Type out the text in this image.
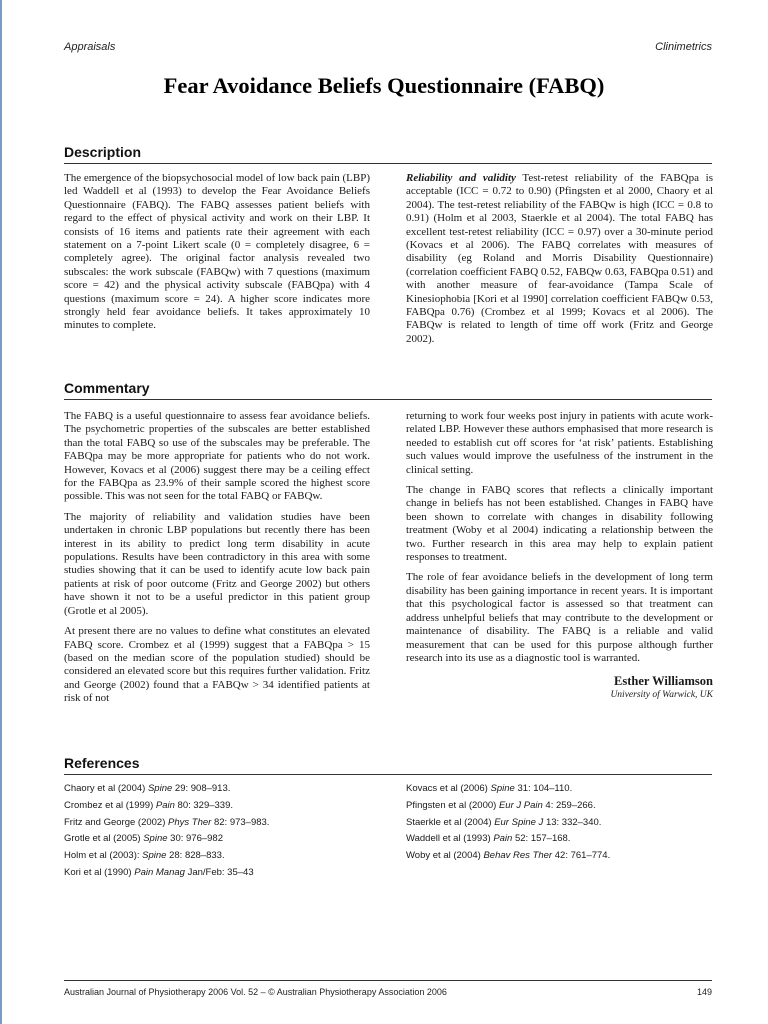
Appraisals	Clinimetrics
Fear Avoidance Beliefs Questionnaire (FABQ)
Description

The emergence of the biopsychosocial model of low back pain (LBP) led Waddell et al (1993) to develop the Fear Avoidance Beliefs Questionnaire (FABQ). The FABQ assesses patient beliefs with regard to the effect of physical activity and work on their LBP. It consists of 16 items and patients rate their agreement with each statement on a 7-point Likert scale (0 = completely disagree, 6 = completely agree). The original factor analysis revealed two subscales: the work subscale (FABQw) with 7 questions (maximum score = 42) and the physical activity subscale (FABQpa) with 4 questions (maximum score = 24). A higher score indicates more strongly held fear avoidance beliefs. It takes approximately 10 minutes to complete.

Reliability and validity Test-retest reliability of the FABQpa is acceptable (ICC = 0.72 to 0.90) (Pfingsten et al 2000, Chaory et al 2004). The test-retest reliability of the FABQw is high (ICC = 0.8 to 0.91) (Holm et al 2003, Staerkle et al 2004). The total FABQ has excellent test-retest reliability (ICC = 0.97) over a 30-minute period (Kovacs et al 2006). The FABQ correlates with measures of disability (eg Roland and Morris Disability Questionnaire) (correlation coefficient FABQ 0.52, FABQw 0.63, FABQpa 0.51) and with another measure of fear-avoidance (Tampa Scale of Kinesiophobia [Kori et al 1990] correlation coefficient FABQw 0.53, FABQpa 0.76) (Crombez et al 1999; Kovacs et al 2006). The FABQw is related to length of time off work (Fritz and George 2002).

Commentary

The FABQ is a useful questionnaire to assess fear avoidance beliefs. The psychometric properties of the subscales are better established than the total FABQ so use of the subscales may be preferable. The FABQpa may be more appropriate for patients who do not work. However, Kovacs et al (2006) suggest there may be a ceiling effect for the FABQpa as 23.9% of their sample scored the highest score possible. This was not seen for the total FABQ or FABQw.

The majority of reliability and validation studies have been undertaken in chronic LBP populations but recently there has been interest in its ability to predict long term disability in acute populations. Results have been contradictory in this area with some studies showing that it can be used to identify acute low back pain patients at risk of poor outcome (Fritz and George 2002) but others have shown it not to be a useful predictor in this patient group (Grotle et al 2005).

At present there are no values to define what constitutes an elevated FABQ score. Crombez et al (1999) suggest that a FABQpa > 15 (based on the median score of the population studied) should be considered an elevated score but this requires further validation. Fritz and George (2002) found that a FABQw > 34 identified patients at risk of not

returning to work four weeks post injury in patients with acute work-related LBP. However these authors emphasised that more research is needed to establish cut off scores for ‘at risk’ patients. Establishing such values would improve the usefulness of the instrument in the clinical setting.

The change in FABQ scores that reflects a clinically important change in beliefs has not been established. Changes in FABQ have been shown to correlate with changes in disability following treatment (Woby et al 2004) indicating a relationship between the two. Further research in this area may help to explain patient responses to treatment.

The role of fear avoidance beliefs in the development of long term disability has been gaining importance in recent years. It is important that this psychological factor is assessed so that treatment can address unhelpful beliefs that may contribute to the development or maintenance of disability. The FABQ is a reliable and valid measurement that can be used for this purpose although further research into its use as a diagnostic tool is warranted.

Esther Williamson
University of Warwick, UK
References
Chaory et al (2004) Spine 29: 908–913.
Crombez et al (1999) Pain 80: 329–339.
Fritz and George (2002) Phys Ther 82: 973–983.
Grotle et al (2005) Spine 30: 976–982
Holm et al (2003): Spine 28: 828–833.
Kori et al (1990) Pain Manag Jan/Feb: 35–43
Kovacs et al (2006) Spine 31: 104–110.
Pfingsten et al (2000) Eur J Pain 4: 259–266.
Staerkle et al (2004) Eur Spine J 13: 332–340.
Waddell et al (1993) Pain 52: 157–168.
Woby et al (2004) Behav Res Ther 42: 761–774.
Australian Journal of Physiotherapy 2006 Vol. 52 – © Australian Physiotherapy Association 2006	149
